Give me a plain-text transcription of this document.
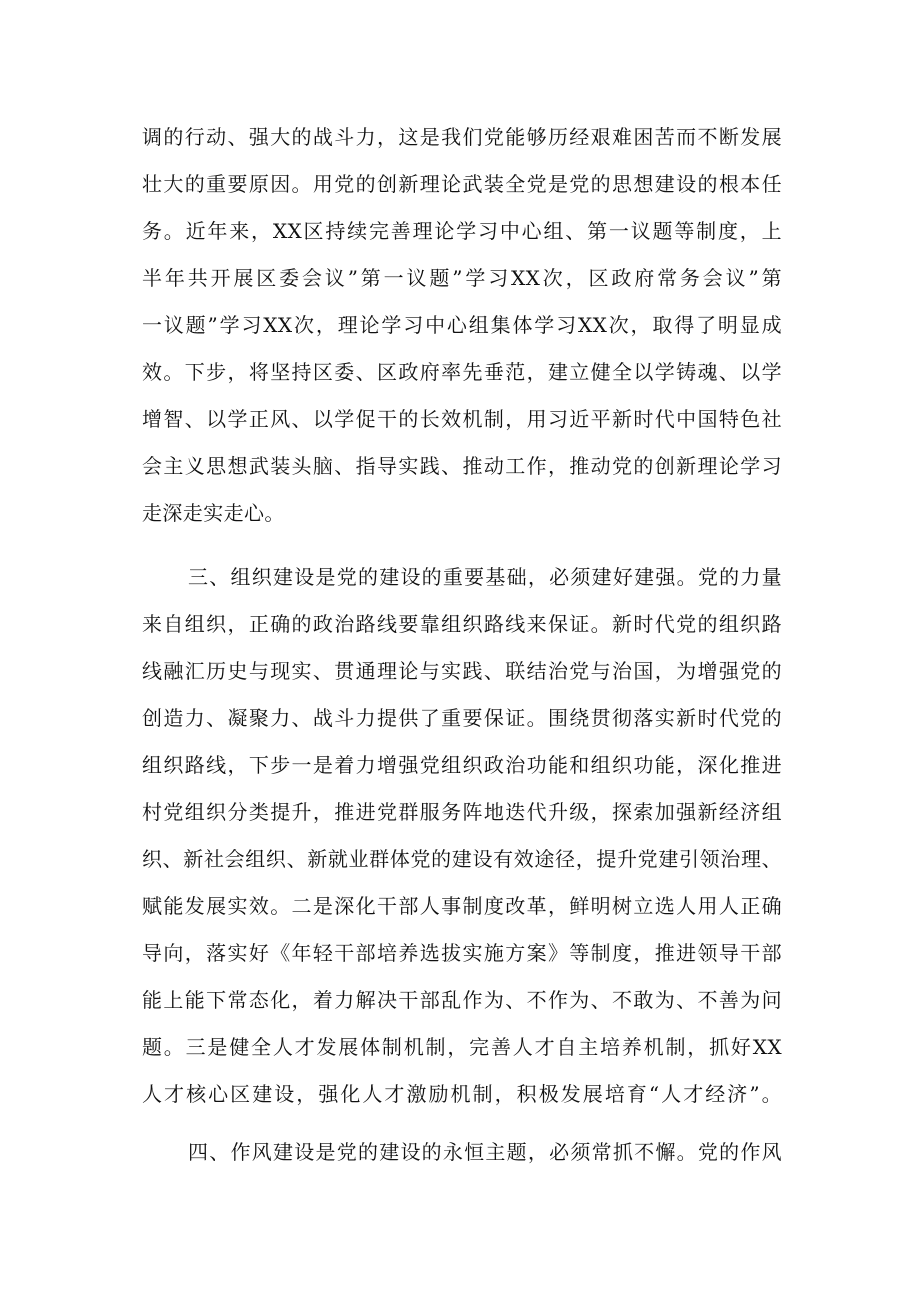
调的行动、强大的战斗力，这是我们党能够历经艰难困苦而不断发展
壮大的重要原因。用党的创新理论武装全党是党的思想建设的根本任
务。近年来，XX区持续完善理论学习中心组、第一议题等制度，上
半年共开展区委会议”第一议题”学习XX次，区政府常务会议”第
一议题”学习XX次，理论学习中心组集体学习XX次，取得了明显成
效。下步，将坚持区委、区政府率先垂范，建立健全以学铸魂、以学
增智、以学正风、以学促干的长效机制，用习近平新时代中国特色社
会主义思想武装头脑、指导实践、推动工作，推动党的创新理论学习
走深走实走心。
三、组织建设是党的建设的重要基础，必须建好建强。党的力量
来自组织，正确的政治路线要靠组织路线来保证。新时代党的组织路
线融汇历史与现实、贯通理论与实践、联结治党与治国，为增强党的
创造力、凝聚力、战斗力提供了重要保证。围绕贯彻落实新时代党的
组织路线，下步一是着力增强党组织政治功能和组织功能，深化推进
村党组织分类提升，推进党群服务阵地迭代升级，探索加强新经济组
织、新社会组织、新就业群体党的建设有效途径，提升党建引领治理、
赋能发展实效。二是深化干部人事制度改革，鲜明树立选人用人正确
导向，落实好《年轻干部培养选拔实施方案》等制度，推进领导干部
能上能下常态化，着力解决干部乱作为、不作为、不敢为、不善为问
题。三是健全人才发展体制机制，完善人才自主培养机制，抓好XX
人才核心区建设，强化人才激励机制，积极发展培育“人才经济”。
四、作风建设是党的建设的永恒主题，必须常抓不懈。党的作风
